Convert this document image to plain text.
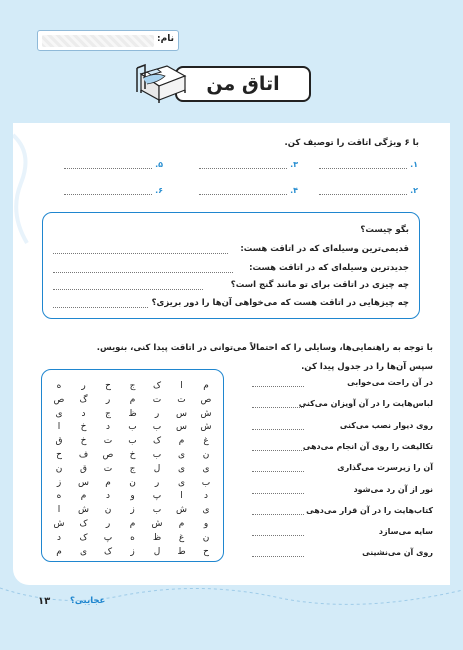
نام:
اتاق من
با ۶ ویژگی اتاقت را توصیف کن.
۱.
۳.
۵.
۲.
۴.
۶.
بگو چیست؟
قدیمی‌ترین وسیله‌ای که در اتاقت هست:
جدیدترین وسیله‌ای که در اتاقت هست:
چه چیزی در اتاقت برای تو مانند گنج است؟
چه چیزهایی در اتاقت هست که می‌خواهی آن‌ها را دور بریزی؟
با توجه به راهنمایی‌ها، وسایلی را که احتمالاً می‌توانی در اتاقت پیدا کنی، بنویس.
سپس آن‌ها را در جدول پیدا کن.
م
ا
ک
ج
ح
ر
ه
ص
ت
ت
م
ر
گ
ص
ش
س
ر
ظ
ج
د
ی
ش
س
ب
ب
د
خ
ا
غ
م
ک
ب
ت
خ
ق
ن
ی
ب
خ
ص
ف
ح
ی
ی
ل
ج
ت
ق
ن
ب
ی
ر
ن
م
س
ز
د
ا
پ
و
د
م
ه
ی
ش
ب
ز
ن
ش
ا
و
م
ش
م
ر
ک
ش
ن
غ
ظ
ه
پ
ک
د
ح
ط
ل
ز
ک
ی
م
در آن راحت می‌خوابی
لباس‌هایت را در آن آویزان می‌کنی
روی دیوار نصب می‌کنی
تکالیفت را روی آن انجام می‌دهی
آن را زیرسرت می‌گذاری
نور از آن رد می‌شود
کتاب‌هایت را در آن قرار می‌دهی
سایه می‌سازد
روی آن می‌نشینی
۱۳ عجایبی؟
